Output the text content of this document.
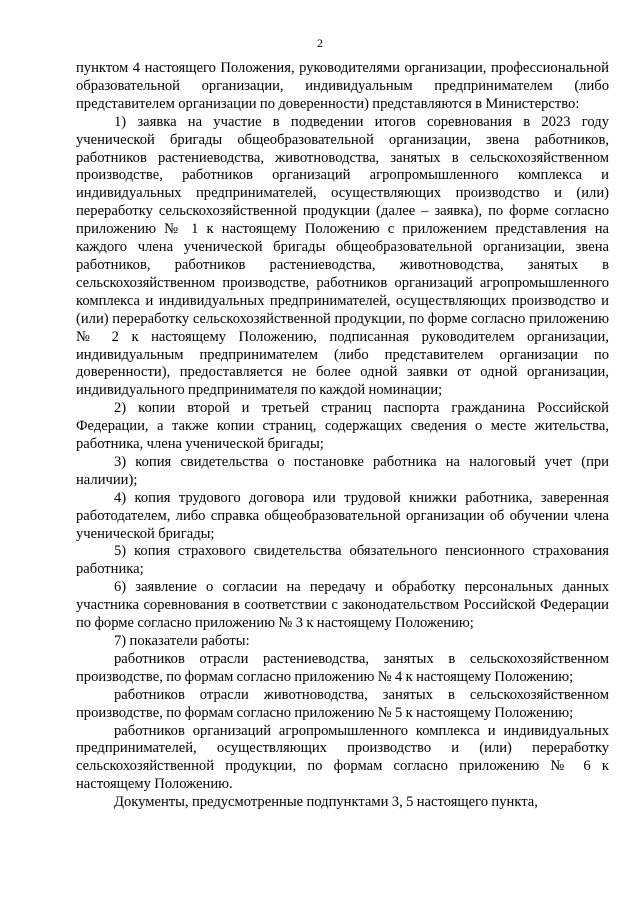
2

пунктом 4 настоящего Положения, руководителями организации, профессиональной образовательной организации, индивидуальным предпринимателем (либо представителем организации по доверенности) представляются в Министерство:

1) заявка на участие в подведении итогов соревнования в 2023 году ученической бригады общеобразовательной организации, звена работников, работников растениеводства, животноводства, занятых в сельскохозяйственном производстве, работников организаций агропромышленного комплекса и индивидуальных предпринимателей, осуществляющих производство и (или) переработку сельскохозяйственной продукции (далее – заявка), по форме согласно приложению № 1 к настоящему Положению с приложением представления на каждого члена ученической бригады общеобразовательной организации, звена работников, работников растениеводства, животноводства, занятых в сельскохозяйственном производстве, работников организаций агропромышленного комплекса и индивидуальных предпринимателей, осуществляющих производство и (или) переработку сельскохозяйственной продукции, по форме согласно приложению № 2 к настоящему Положению, подписанная руководителем организации, индивидуальным предпринимателем (либо представителем организации по доверенности), предоставляется не более одной заявки от одной организации, индивидуального предпринимателя по каждой номинации;

2) копии второй и третьей страниц паспорта гражданина Российской Федерации, а также копии страниц, содержащих сведения о месте жительства, работника, члена ученической бригады;

3) копия свидетельства о постановке работника на налоговый учет (при наличии);

4) копия трудового договора или трудовой книжки работника, заверенная работодателем, либо справка общеобразовательной организации об обучении члена ученической бригады;

5) копия страхового свидетельства обязательного пенсионного страхования работника;

6) заявление о согласии на передачу и обработку персональных данных участника соревнования в соответствии с законодательством Российской Федерации по форме согласно приложению № 3 к настоящему Положению;

7) показатели работы:

работников отрасли растениеводства, занятых в сельскохозяйственном производстве, по формам согласно приложению № 4 к настоящему Положению;

работников отрасли животноводства, занятых в сельскохозяйственном производстве, по формам согласно приложению № 5 к настоящему Положению;

работников организаций агропромышленного комплекса и индивидуальных предпринимателей, осуществляющих производство и (или) переработку сельскохозяйственной продукции, по формам согласно приложению № 6 к настоящему Положению.

Документы, предусмотренные подпунктами 3, 5 настоящего пункта,
